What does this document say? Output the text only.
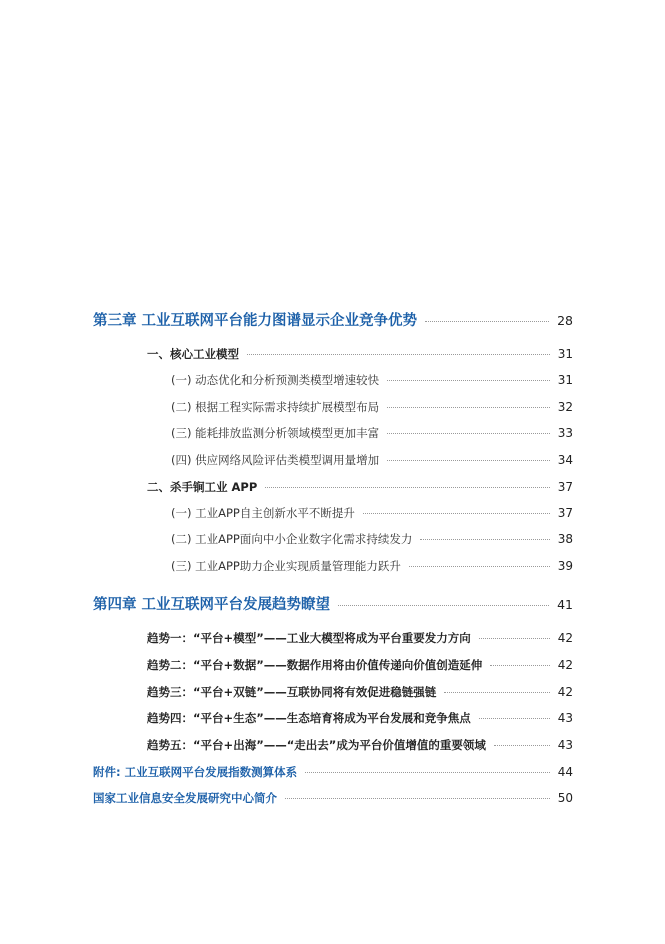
第三章 工业互联网平台能力图谱显示企业竞争优势	28
一、核心工业模型	31
(一) 动态优化和分析预测类模型增速较快	31
(二) 根据工程实际需求持续扩展模型布局	32
(三) 能耗排放监测分析领域模型更加丰富	33
(四) 供应网络风险评估类模型调用量增加	34
二、杀手锏工业 APP	37
(一) 工业APP自主创新水平不断提升	37
(二) 工业APP面向中小企业数字化需求持续发力	38
(三) 工业APP助力企业实现质量管理能力跃升	39
第四章 工业互联网平台发展趋势瞭望	41
趋势一：“平台+模型”——工业大模型将成为平台重要发力方向	42
趋势二：“平台+数据”——数据作用将由价值传递向价值创造延伸	42
趋势三：“平台+双链”——互联协同将有效促进稳链强链	42
趋势四：“平台+生态”——生态培育将成为平台发展和竞争焦点	43
趋势五：“平台+出海”——“走出去”成为平台价值增值的重要领域	43
附件: 工业互联网平台发展指数测算体系	44
国家工业信息安全发展研究中心简介	50
